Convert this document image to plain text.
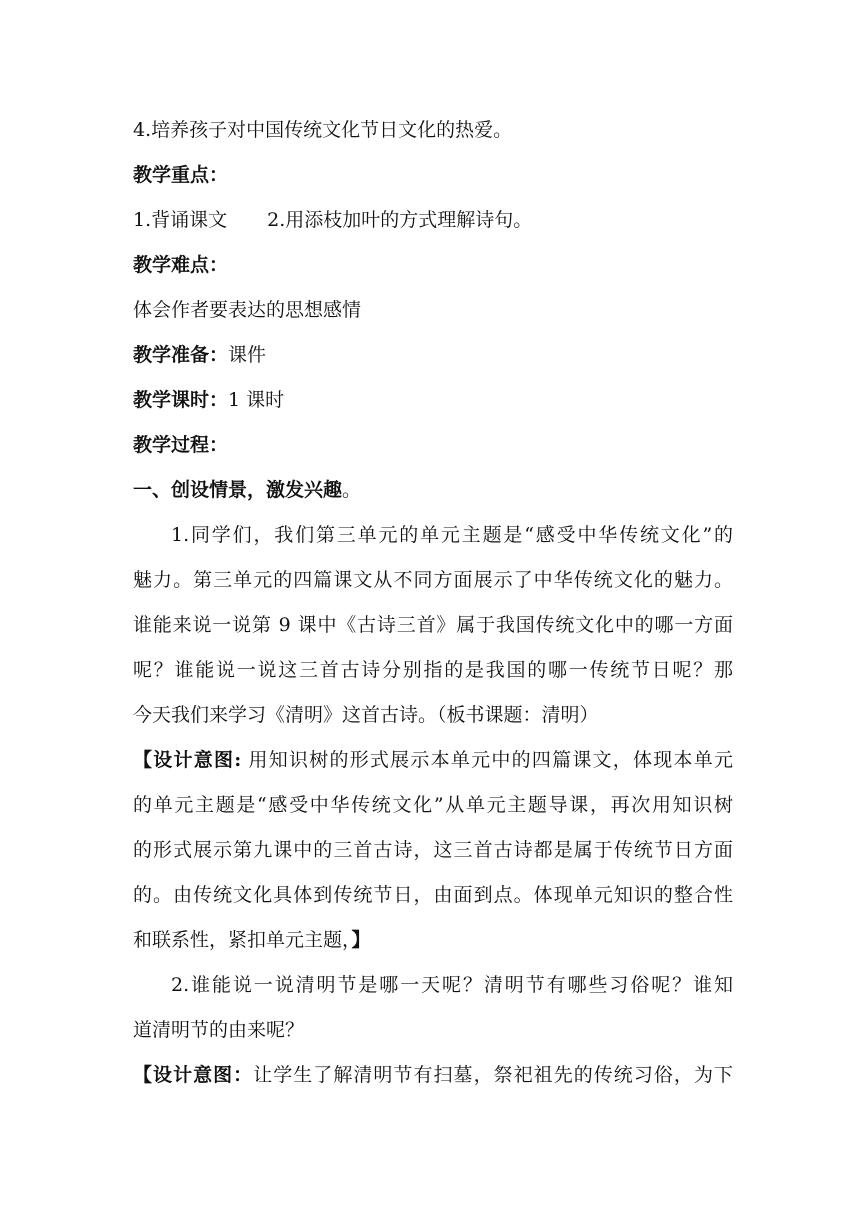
4.培养孩子对中国传统文化节日文化的热爱。
教学重点：
1.背诵课文 2.用添枝加叶的方式理解诗句。
教学难点：
体会作者要表达的思想感情
教学准备：课件
教学课时：1 课时
教学过程：
一、创设情景，激发兴趣。
1.同学们，我们第三单元的单元主题是“感受中华传统文化”的
魅力。第三单元的四篇课文从不同方面展示了中华传统文化的魅力。
谁能来说一说第 9 课中《古诗三首》属于我国传统文化中的哪一方面
呢？谁能说一说这三首古诗分别指的是我国的哪一传统节日呢？那
今天我们来学习《清明》这首古诗。（板书课题：清明）
【设计意图: 用知识树的形式展示本单元中的四篇课文，体现本单元
的单元主题是“感受中华传统文化”从单元主题导课，再次用知识树
的形式展示第九课中的三首古诗，这三首古诗都是属于传统节日方面
的。由传统文化具体到传统节日，由面到点。体现单元知识的整合性
和联系性，紧扣单元主题，】
2.谁能说一说清明节是哪一天呢？清明节有哪些习俗呢？谁知
道清明节的由来呢？
【设计意图：让学生了解清明节有扫墓，祭祀祖先的传统习俗，为下
